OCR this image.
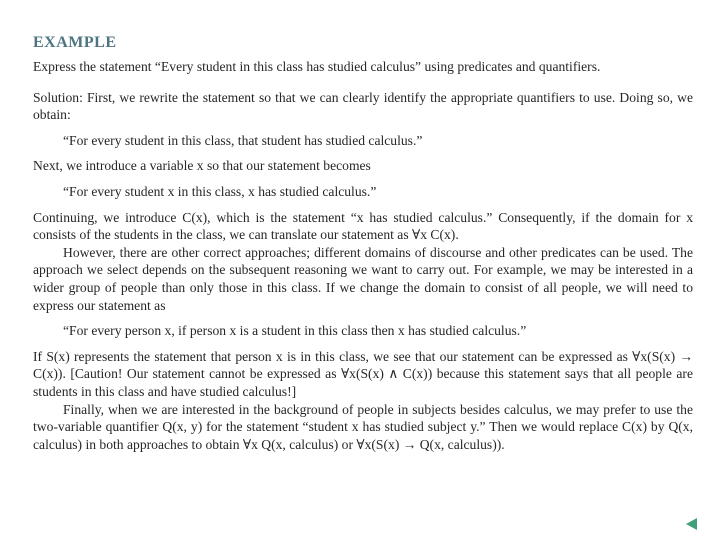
EXAMPLE

Express the statement “Every student in this class has studied calculus” using predicates and quantifiers.

Solution: First, we rewrite the statement so that we can clearly identify the appropriate quantifiers to use. Doing so, we obtain:

“For every student in this class, that student has studied calculus.”

Next, we introduce a variable x so that our statement becomes

“For every student x in this class, x has studied calculus.”

Continuing, we introduce C(x), which is the statement “x has studied calculus.” Consequently, if the domain for x consists of the students in the class, we can translate our statement as ∀x C(x).

However, there are other correct approaches; different domains of discourse and other predicates can be used. The approach we select depends on the subsequent reasoning we want to carry out. For example, we may be interested in a wider group of people than only those in this class. If we change the domain to consist of all people, we will need to express our statement as

“For every person x, if person x is a student in this class then x has studied calculus.”

If S(x) represents the statement that person x is in this class, we see that our statement can be expressed as ∀x(S(x) → C(x)). [Caution! Our statement cannot be expressed as ∀x(S(x) ∧ C(x)) because this statement says that all people are students in this class and have studied calculus!]

Finally, when we are interested in the background of people in subjects besides calculus, we may prefer to use the two-variable quantifier Q(x, y) for the statement “student x has studied subject y.” Then we would replace C(x) by Q(x, calculus) in both approaches to obtain ∀x Q(x, calculus) or ∀x(S(x) → Q(x, calculus)).
